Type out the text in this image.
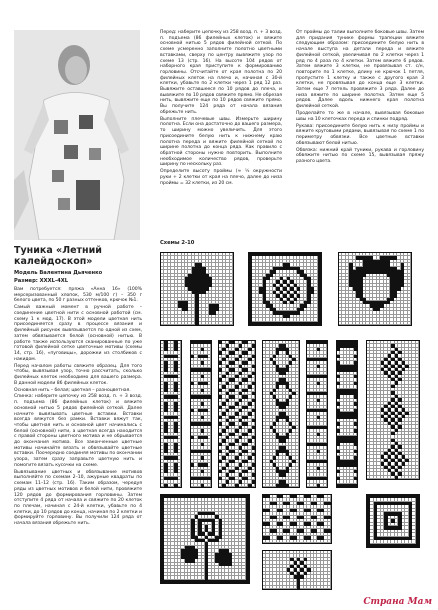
Туника «Летний калейдоскоп»
Модель Валентина Дьяченко
Размер: XXXL-4XL

Вам потребуется: пряжа «Анна 16» (100% мерсеризованный хлопок, 530 м/100 г) – 350 г белого цвета, по 50 г разных оттенков, крючок №1.

Самый важный момент в ручной работе – соединение цветной нити с основной работой (см. схему 1 к мод. 17). В этой модели цветная нить присоединяется сразу в процессе вязания и филейный рисунок вывязывается по одной из схем, затем обвязывается белой (основной) нитью. В работе также используются сканированные по уже готовой филейной сетке цветочные мотивы (схемы 14, стр. 16), «пуговицы», дорожки из столбиков с накидом.

Перед началом работы свяжите образец. Для того чтобы, вывязывая узор, точно рассчитать, сколько филейных клеток необходимо для вашего размера. В данной модели 86 филейных клеток.

Основная нить – белая; цветная – разноцветная.

Спинка: наберите цепочку из 258 возд. п. + 3 возд. п. подъема (86 филейных клеток) и вяжите основной нитью 5 рядов филейной сеткой. Далее начните вывязывать цветные вставки. Вставки всегда вяжутся без рамки. Вставки вяжут так, чтобы цветная нить и основной цвет начинались с белой (основной) нити, а цветная всегда находится с правой стороны цветного мотива и не обрывается до окончания мотива. Все законченные цветные мотивы начинайте вязать и обвязывайте цветные вставки. Поочередно соединяя мотивы по окончании узора, затем сразу заправьте цветную нить и помогите вязать кусочки на схеме.

Вывязывание цветных и обвязывание мотивов выполняйте по схемам 2–10, ажурные квадраты по схемам 11–12 (стр. 16). Таким образом, чередуя ряды из цветных мотивов и белой нити, провяжите 120 рядов до формирования горловины. Затем отступите 4 ряда от начала и свяжите по 20 клеток по плечам, начиная с 24-й клетки, убавьте по 4 клетки, до 10 рядов до конца, начиная по 2 клетки и формируйте горловину. Вы получили 124 ряда от начала вязания обрежьте нить.

Перед: наберите цепочку из 258 возд. п. + 3 возд. п. подъема (86 филейных клеток) и вяжите основной нитью 5 рядов филейной сеткой. По схеме усмеренно заполните полотно цветными вставками, сверху по центру вывяжите узор по схеме 13 (стр. 16). На высоте 104 рядов от наборного края приступите к формированию горловины. Отсчитайте от края полотна по 20 филейных клеток на плечо и, начиная с 30-й клетки, убавьте по 2 клетки через 1 ряд 12 раз. Вывяжите оставшееся по 10 рядов до плеча, и вывяжите по 10 рядов свяжите прямо. Не обрезая нить, вывяжите еще по 10 рядов свяжите прямо. Вы получите 124 ряда от начала вязания обрежьте нить.

Выполните плечевые швы. Измерьте ширину полотна. Если она достаточно до вашего размера, то ширину можно увеличить. Для этого присоедините белую нить к нижнему краю полотна переда и вяжите филейной сеткой по ширине полотна до конца ряда. Как правило с обратной стороны нужно повторить. Выполните необходимое количество рядов, проверьте ширину по нескольку раз.

Определите высоту проймы (≈ ½ окружности руки + 2 клетки от края на плечо, далее до низа проймы = 32 клетки, из 20 см.

От проймы до талии выполните боковые швы. Затем для придания тунике формы трапеции вяжите следующим образом: присоедините белую нить в начале выступа на детали переда и вяжите филейной сеткой, увеличивая по 2 клетки через 1 ряд по 4 раза по 4 клетки. Затем вяжите 6 рядов. Затем вяжите 3 клетки, не провязывая ст. с/н, повторите по 1 клетке, длину не крючок 1 петля, пропустите 1 клетку и также с другого края 3 клетки, не провязывая до конца еще 3 клетки. Затем еще 7 петель провяжите 3 ряда. Далее до низа вяжите по ширине полотна. Затем еще 5 рядов. Далее вдоль нижнего края полотна филейной сеткой.

Проделайте то же в начале, вывязывая боковые швы на 10 клеточках переда и спинки подряд.

Рукава: присоедините белую нить к низу проймы и вяжите круговыми рядами, вывязывая по схеме 1 по периметру обвязки. Все цветные вставки обвязывают белой нитью.

Обвязка: нижний край туники, рукава и горловину обвяжите нитью по схеме 15, вывязывая пряжу разного цвета.

Схемы 2-10
Страна Мам
